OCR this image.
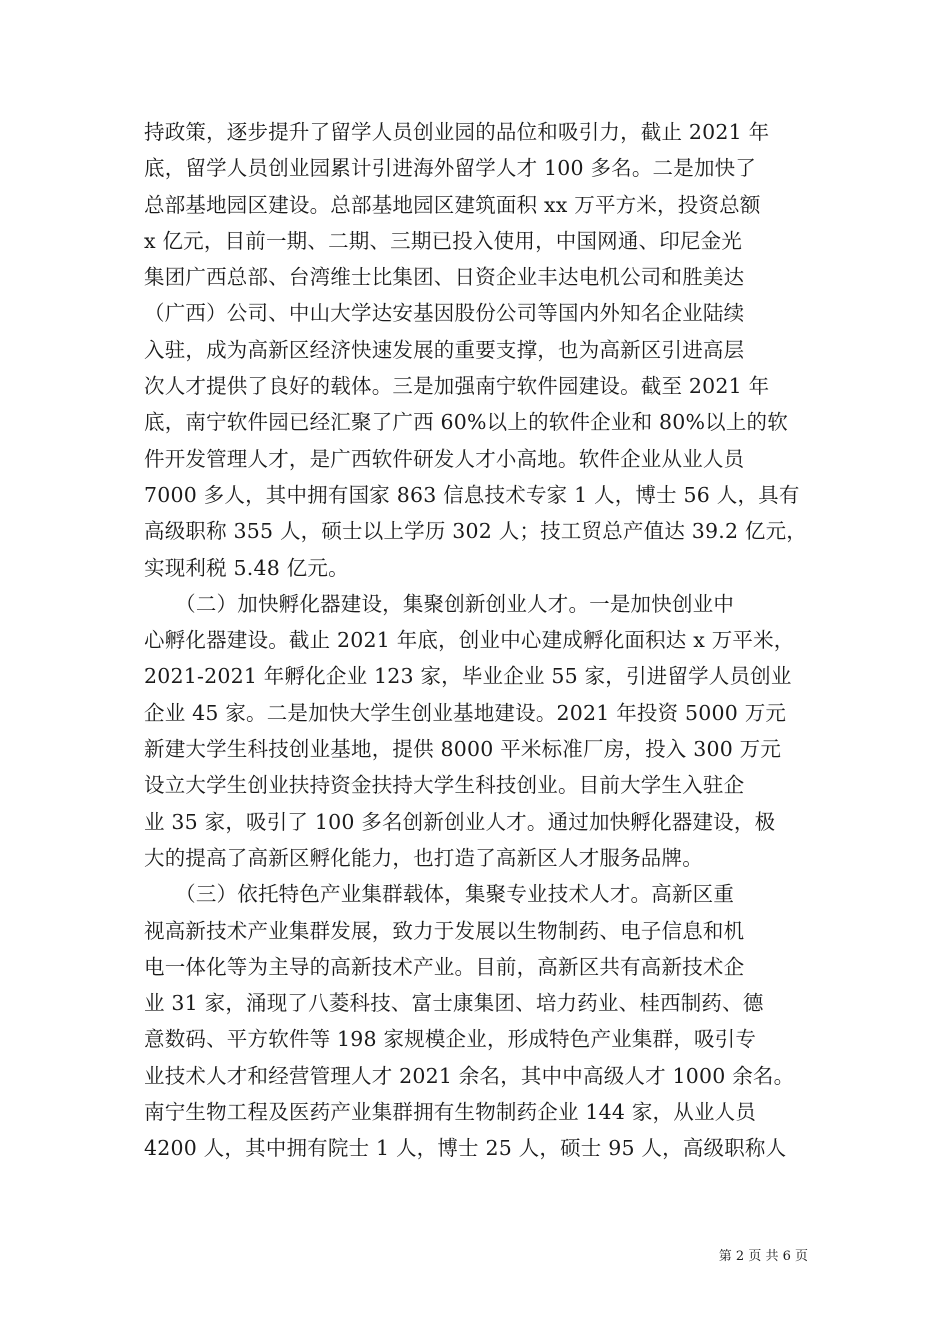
持政策，逐步提升了留学人员创业园的品位和吸引力，截止 2021 年
底，留学人员创业园累计引进海外留学人才 100 多名。二是加快了
总部基地园区建设。总部基地园区建筑面积 xx 万平方米，投资总额
x 亿元，目前一期、二期、三期已投入使用，中国网通、印尼金光
集团广西总部、台湾维士比集团、日资企业丰达电机公司和胜美达
（广西）公司、中山大学达安基因股份公司等国内外知名企业陆续
入驻，成为高新区经济快速发展的重要支撑，也为高新区引进高层
次人才提供了良好的载体。三是加强南宁软件园建设。截至 2021 年
底，南宁软件园已经汇聚了广西 60%以上的软件企业和 80%以上的软
件开发管理人才，是广西软件研发人才小高地。软件企业从业人员
7000 多人，其中拥有国家 863 信息技术专家 1 人，博士 56 人，具有
高级职称 355 人，硕士以上学历 302 人；技工贸总产值达 39.2 亿元，
实现利税 5.48 亿元。
　　（二）加快孵化器建设，集聚创新创业人才。一是加快创业中
心孵化器建设。截止 2021 年底，创业中心建成孵化面积达 x 万平米，
2021-2021 年孵化企业 123 家，毕业企业 55 家，引进留学人员创业
企业 45 家。二是加快大学生创业基地建设。2021 年投资 5000 万元
新建大学生科技创业基地，提供 8000 平米标准厂房，投入 300 万元
设立大学生创业扶持资金扶持大学生科技创业。目前大学生入驻企
业 35 家，吸引了 100 多名创新创业人才。通过加快孵化器建设，极
大的提高了高新区孵化能力，也打造了高新区人才服务品牌。
　　（三）依托特色产业集群载体，集聚专业技术人才。高新区重
视高新技术产业集群发展，致力于发展以生物制药、电子信息和机
电一体化等为主导的高新技术产业。目前，高新区共有高新技术企
业 31 家，涌现了八菱科技、富士康集团、培力药业、桂西制药、德
意数码、平方软件等 198 家规模企业，形成特色产业集群，吸引专
业技术人才和经营管理人才 2021 余名，其中中高级人才 1000 余名。
南宁生物工程及医药产业集群拥有生物制药企业 144 家，从业人员
4200 人，其中拥有院士 1 人，博士 25 人，硕士 95 人，高级职称人
第 2 页 共 6 页
